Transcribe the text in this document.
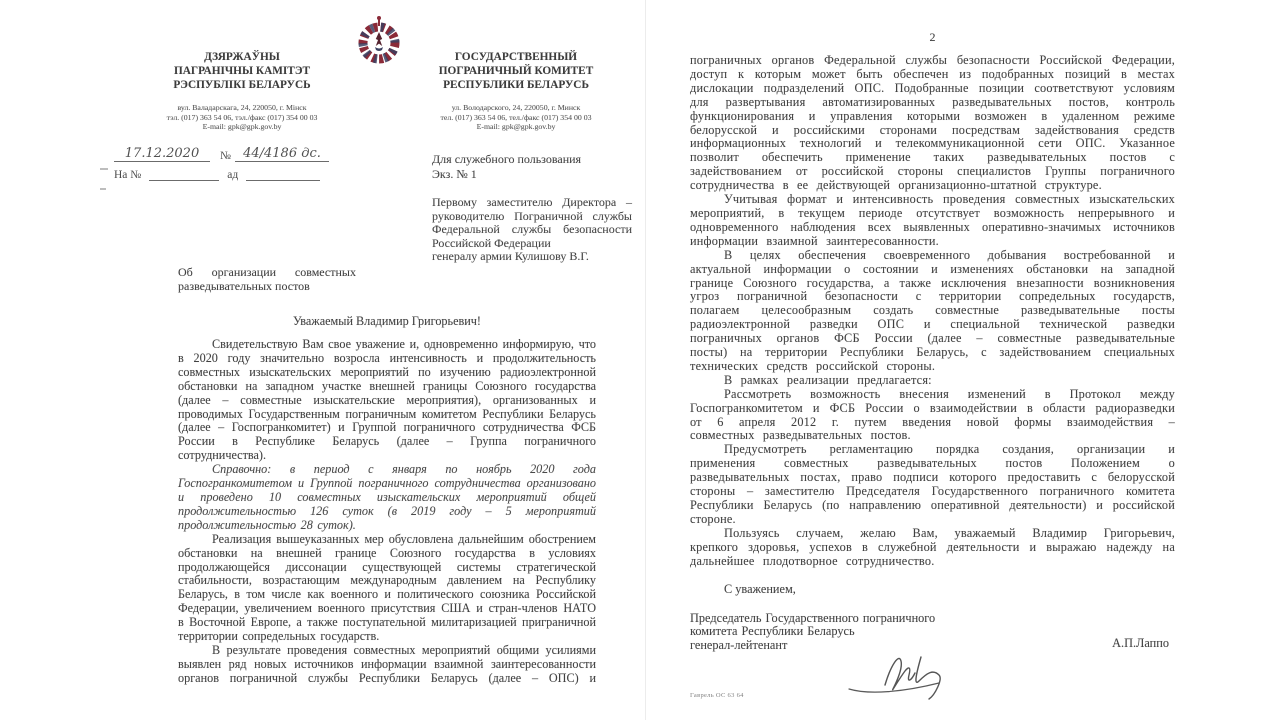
ДЗЯРЖАЎНЫ
ПАГРАНІЧНЫ КАМІТЭТ
РЭСПУБЛІКІ БЕЛАРУСЬ
вул. Валадарскага, 24, 220050, г. Мінск
тэл. (017) 363 54 06, тэл./факс (017) 354 00 03
E-mail: gpk@gpk.gov.by
ГОСУДАРСТВЕННЫЙ
ПОГРАНИЧНЫЙ КОМИТЕТ
РЕСПУБЛИКИ БЕЛАРУСЬ
ул. Володарского, 24, 220050, г. Минск
тел. (017) 363 54 06, тел./факс (017) 354 00 03
E-mail: gpk@gpk.gov.by
17.12.2020	№ 44/4186 дс.
На №	ад
Для служебного пользования
Экз. № 1
Первому заместителю Директора –
руководителю Пограничной службы
Федеральной службы безопасности
Российской Федерации
генералу армии Кулишову В.Г.
Об организации совместных
разведывательных постов
Уважаемый Владимир Григорьевич!

Свидетельствую Вам свое уважение и, одновременно информирую, что в 2020 году значительно возросла интенсивность и продолжительность совместных изыскательских мероприятий по изучению радиоэлектронной обстановки на западном участке внешней границы Союзного государства (далее – совместные изыскательские мероприятия), организованных и проводимых Государственным пограничным комитетом Республики Беларусь (далее – Госпогранкомитет) и Группой пограничного сотрудничества ФСБ России в Республике Беларусь (далее – Группа пограничного сотрудничества).

Справочно: в период с января по ноябрь 2020 года Госпогранкомитетом и Группой пограничного сотрудничества организовано и проведено 10 совместных изыскательских мероприятий общей продолжительностью 126 суток (в 2019 году – 5 мероприятий продолжительностью 28 суток).

Реализация вышеуказанных мер обусловлена дальнейшим обострением обстановки на внешней границе Союзного государства в условиях продолжающейся диссонации существующей системы стратегической стабильности, возрастающим международным давлением на Республику Беларусь, в том числе как военного и политического союзника Российской Федерации, увеличением военного присутствия США и стран-членов НАТО в Восточной Европе, а также поступательной милитаризацией приграничной территории сопредельных государств.

В результате проведения совместных мероприятий общими усилиями выявлен ряд новых источников информации взаимной заинтересованности органов пограничной службы Республики Беларусь (далее – ОПС) и

2

пограничных органов Федеральной службы безопасности Российской Федерации, доступ к которым может быть обеспечен из подобранных позиций в местах дислокации подразделений ОПС. Подобранные позиции соответствуют условиям для развертывания автоматизированных разведывательных постов, контроль функционирования и управления которыми возможен в удаленном режиме белорусской и российскими сторонами посредствам задействования средств информационных технологий и телекоммуникационной сети ОПС. Указанное позволит обеспечить применение таких разведывательных постов с задействованием от российской стороны специалистов Группы пограничного сотрудничества в ее действующей организационно-штатной структуре.

Учитывая формат и интенсивность проведения совместных изыскательских мероприятий, в текущем периоде отсутствует возможность непрерывного и одновременного наблюдения всех выявленных оперативно-значимых источников информации взаимной заинтересованности.

В целях обеспечения своевременного добывания востребованной и актуальной информации о состоянии и изменениях обстановки на западной границе Союзного государства, а также исключения внезапности возникновения угроз пограничной безопасности с территории сопредельных государств, полагаем целесообразным создать совместные разведывательные посты радиоэлектронной разведки ОПС и специальной технической разведки пограничных органов ФСБ России (далее – совместные разведывательные посты) на территории Республики Беларусь, с задействованием специальных технических средств российской стороны.

В рамках реализации предлагается:

Рассмотреть возможность внесения изменений в Протокол между Госпогранкомитетом и ФСБ России о взаимодействии в области радиоразведки от 6 апреля 2012 г. путем введения новой формы взаимодействия – совместных разведывательных постов.

Предусмотреть регламентацию порядка создания, организации и применения совместных разведывательных постов Положением о разведывательных постах, право подписи которого предоставить с белорусской стороны – заместителю Председателя Государственного пограничного комитета Республики Беларусь (по направлению оперативной деятельности) и российской стороне.

Пользуясь случаем, желаю Вам, уважаемый Владимир Григорьевич, крепкого здоровья, успехов в служебной деятельности и выражаю надежду на дальнейшее плодотворное сотрудничество.

С уважением,
Председатель Государственного пограничного
комитета Республики Беларусь
генерал-лейтенант	А.П.Лаппо
Гаврель ОС 63 64
